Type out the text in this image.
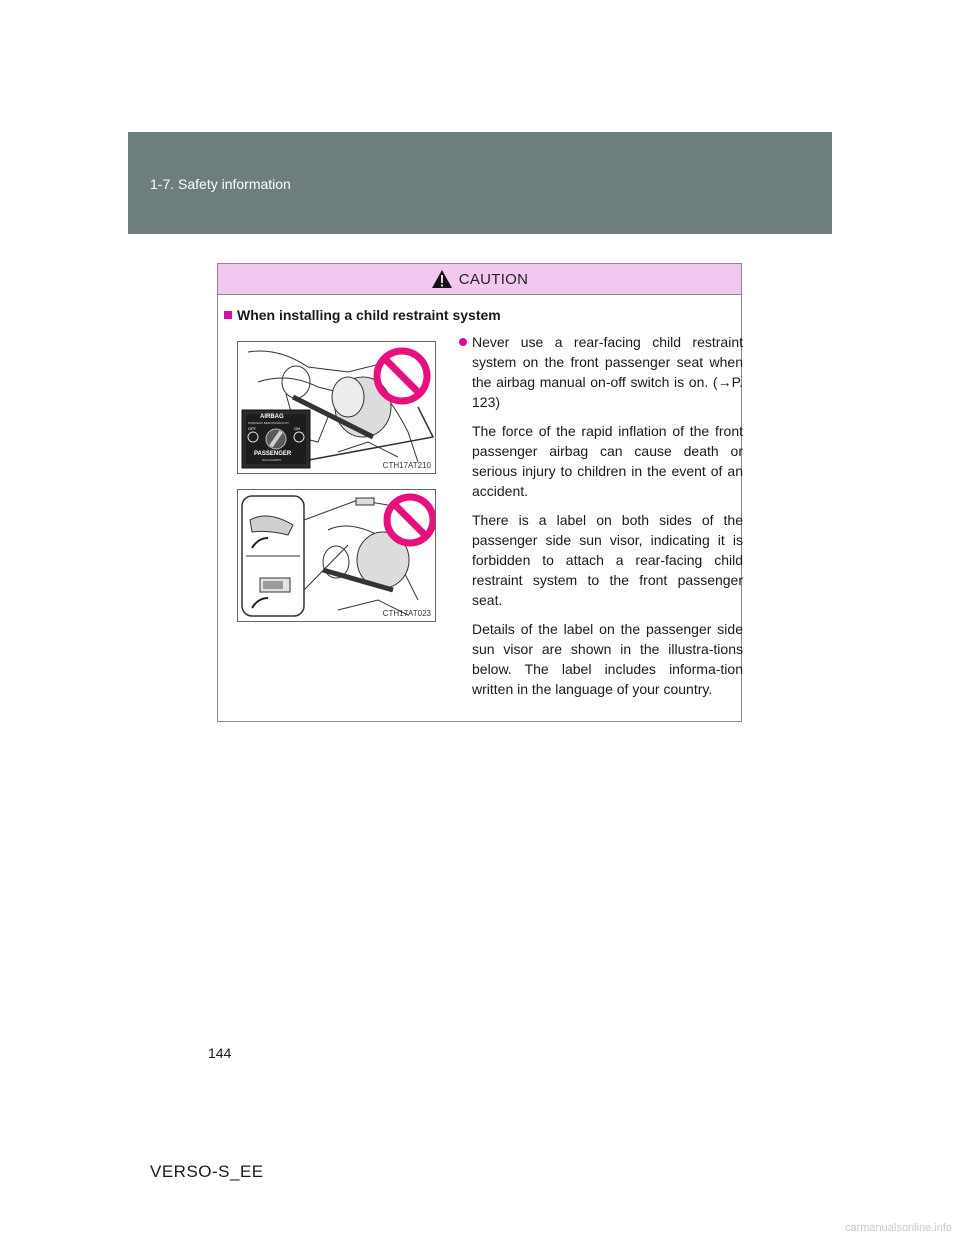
1-7. Safety information
CAUTION
When installing a child restraint system
AIRBAG
ПОДУШКА БЕЗОПАСНОСТИ
OFF	ON
PASSENGER
ПАССАЖИРА
CTH17AT210
CTH17AT023

Never use a rear-facing child restraint system on the front passenger seat when the airbag manual on-off switch is on. (→P. 123)

The force of the rapid inflation of the front passenger airbag can cause death or serious injury to children in the event of an accident.

There is a label on both sides of the passenger side sun visor, indicating it is forbidden to attach a rear-facing child restraint system to the front passenger seat.

Details of the label on the passenger side sun visor are shown in the illustra-tions below. The label includes informa-tion written in the language of your country.

144
VERSO-S_EE
carmanualsonline.info
